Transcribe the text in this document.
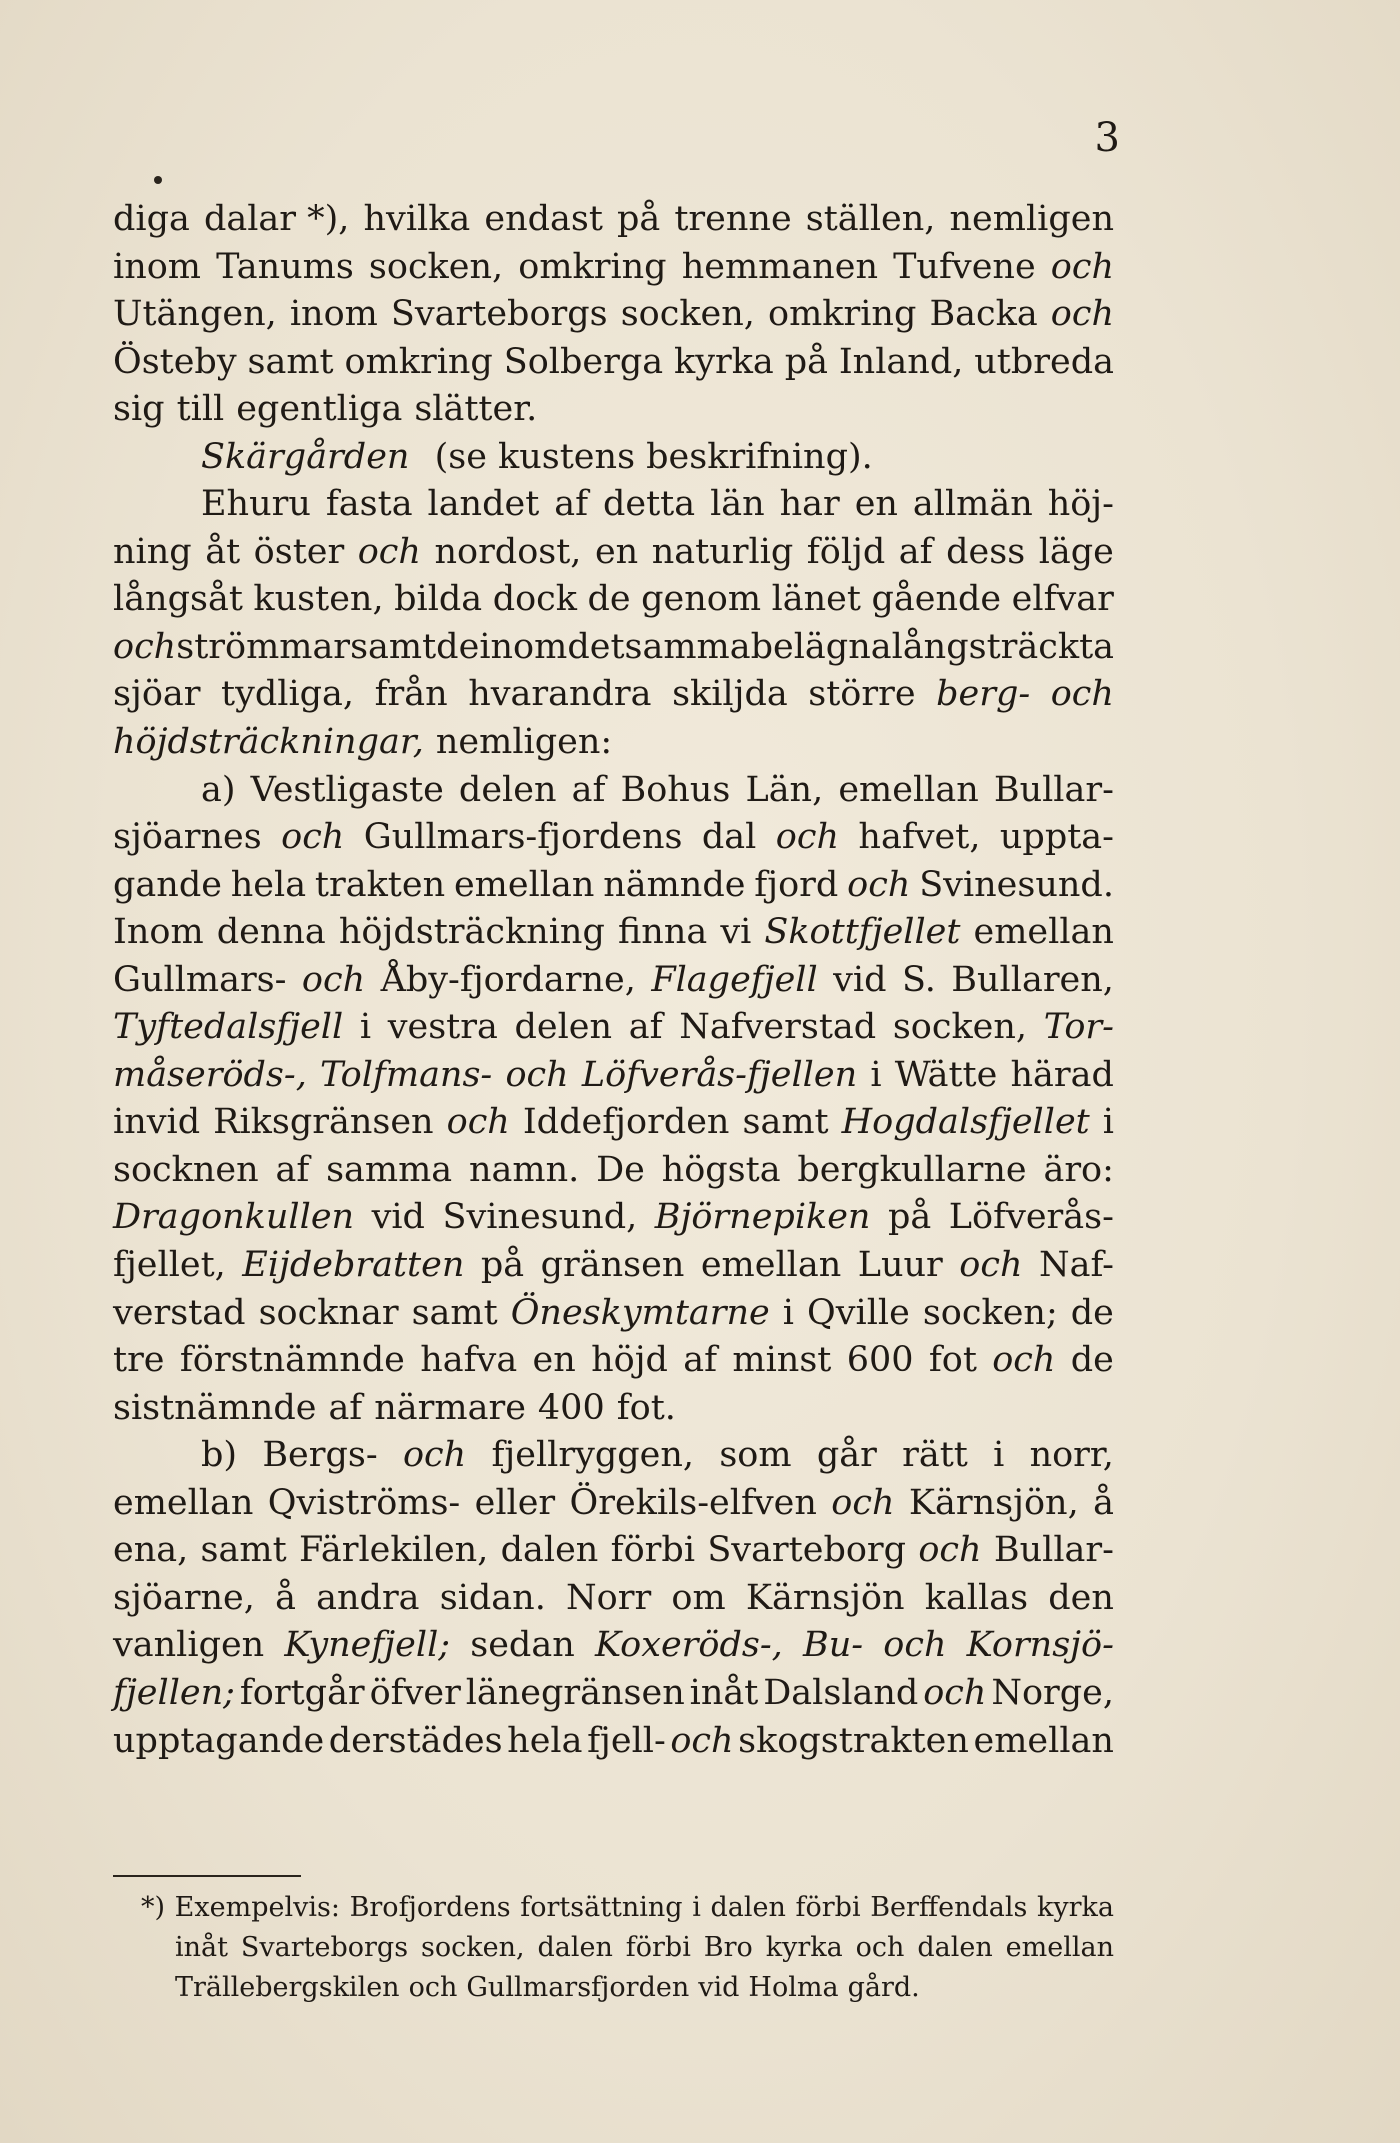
3
diga dalar *), hvilka endast på trenne ställen, nemligen
inom Tanums socken, omkring hemmanen Tufvene och
Utängen, inom Svarteborgs socken, omkring Backa och
Östeby samt omkring Solberga kyrka på Inland, utbreda
sig till egentliga slätter.
Skärgården (se kustens beskrifning).
Ehuru fasta landet af detta län har en allmän höj-
ning åt öster och nordost, en naturlig följd af dess läge
långsåt kusten, bilda dock de genom länet gående elfvar
och strömmar samt de inom detsamma belägna långsträckta
sjöar tydliga, från hvarandra skiljda större berg- och
höjdsträckningar, nemligen:
a) Vestligaste delen af Bohus Län, emellan Bullar-
sjöarnes och Gullmars-fjordens dal och hafvet, uppta-
gande hela trakten emellan nämnde fjord och Svinesund.
Inom denna höjdsträckning finna vi Skottfjellet emellan
Gullmars- och Åby-fjordarne, Flagefjell vid S. Bullaren,
Tyftedalsfjell i vestra delen af Nafverstad socken, Tor-
måseröds-, Tolfmans- och Löfverås-fjellen i Wätte härad
invid Riksgränsen och Iddefjorden samt Hogdalsfjellet i
socknen af samma namn. De högsta bergkullarne äro:
Dragonkullen vid Svinesund, Björnepiken på Löfverås-
fjellet, Eijdebratten på gränsen emellan Luur och Naf-
verstad socknar samt Öneskymtarne i Qville socken; de
tre förstnämnde hafva en höjd af minst 600 fot och de
sistnämnde af närmare 400 fot.
b) Bergs- och fjellryggen, som går rätt i norr,
emellan Qviströms- eller Örekils-elfven och Kärnsjön, å
ena, samt Färlekilen, dalen förbi Svarteborg och Bullar-
sjöarne, å andra sidan. Norr om Kärnsjön kallas den
vanligen Kynefjell; sedan Koxeröds-, Bu- och Kornsjö-
fjellen; fortgår öfver länegränsen inåt Dalsland och Norge,
upptagande derstädes hela fjell- och skogstrakten emellan
*) Exempelvis: Brofjordens fortsättning i dalen förbi Berffendals kyrka
inåt Svarteborgs socken, dalen förbi Bro kyrka och dalen emellan
Trällebergskilen och Gullmarsfjorden vid Holma gård.
